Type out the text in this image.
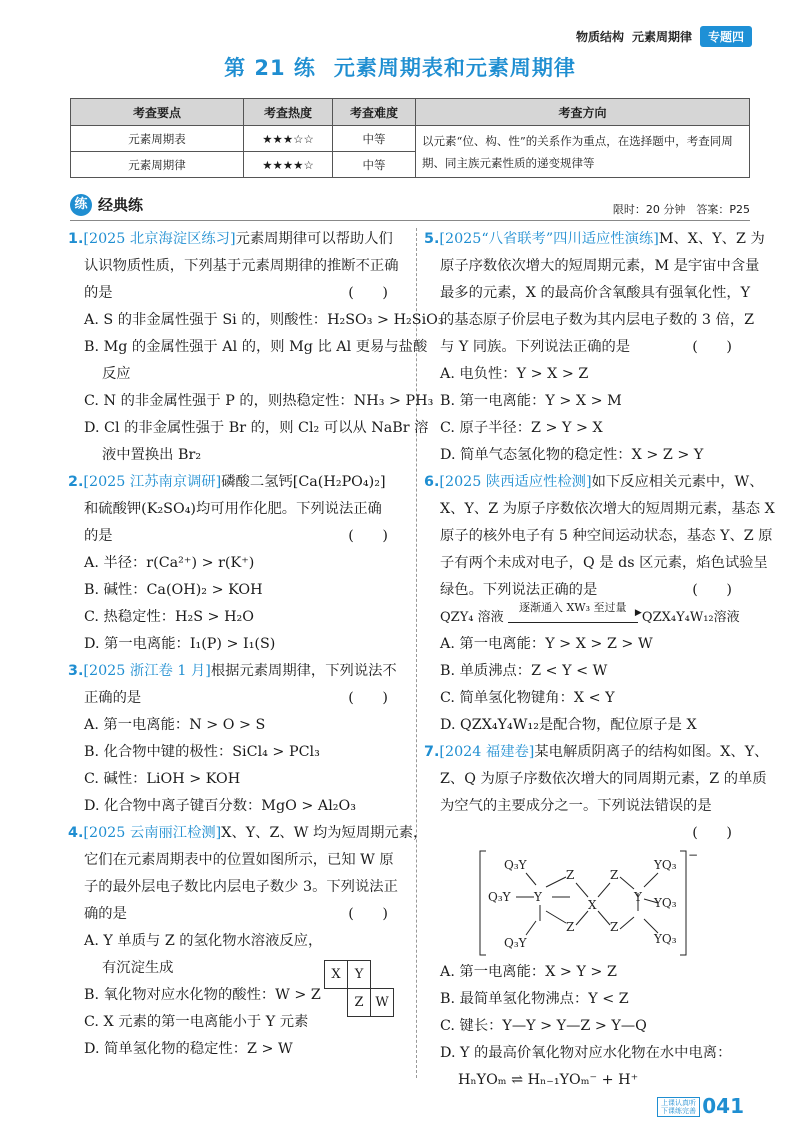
物质结构 元素周期律	专题四
第 21 练 元素周期表和元素周期律
考查要点	考查热度	考查难度	考查方向
元素周期表	★★★☆☆	中等	以元素“位、构、性”的关系作为重点，在选择题中，考查同周
期、同主族元素性质的递变规律等

元素周期律	★★★★☆	中等	
练 经典练	限时：20 分钟　答案：P25
1.[2025 北京海淀区练习]元素周期律可以帮助人们
认识物质性质，下列基于元素周期律的推断不正确
的是	(　　)
A. S 的非金属性强于 Si 的，则酸性：H₂SO₃ > H₂SiO₃
B. Mg 的金属性强于 Al 的，则 Mg 比 Al 更易与盐酸
反应
C. N 的非金属性强于 P 的，则热稳定性：NH₃ > PH₃
D. Cl 的非金属性强于 Br 的，则 Cl₂ 可以从 NaBr 溶
液中置换出 Br₂
2.[2025 江苏南京调研]磷酸二氢钙[Ca(H₂PO₄)₂]
和硫酸钾(K₂SO₄)均可用作化肥。下列说法正确
的是	(　　)
A. 半径：r(Ca²⁺) > r(K⁺)
B. 碱性：Ca(OH)₂ > KOH
C. 热稳定性：H₂S > H₂O
D. 第一电离能：I₁(P) > I₁(S)
3.[2025 浙江卷 1 月]根据元素周期律，下列说法不
正确的是	(　　)
A. 第一电离能：N > O > S
B. 化合物中键的极性：SiCl₄ > PCl₃
C. 碱性：LiOH > KOH
D. 化合物中离子键百分数：MgO > Al₂O₃
4.[2025 云南丽江检测]X、Y、Z、W 均为短周期元素，
它们在元素周期表中的位置如图所示，已知 W 原
子的最外层电子数比内层电子数少 3。下列说法正
确的是	(　　)
A. Y 单质与 Z 的氢化物水溶液反应，
有沉淀生成
B. 氧化物对应水化物的酸性：W > Z
C. X 元素的第一电离能小于 Y 元素
D. 简单氢化物的稳定性：Z > W
X	Y	
	Z	W
5.[2025“八省联考”四川适应性演练]M、X、Y、Z 为
原子序数依次增大的短周期元素，M 是宇宙中含量
最多的元素，X 的最高价含氧酸具有强氧化性，Y
的基态原子价层电子数为其内层电子数的 3 倍，Z
与 Y 同族。下列说法正确的是	(　　)
A. 电负性：Y > X > Z
B. 第一电离能：Y > X > M
C. 原子半径：Z > Y > X
D. 简单气态氢化物的稳定性：X > Z > Y
6.[2025 陕西适应性检测]如下反应相关元素中，W、
X、Y、Z 为原子序数依次增大的短周期元素，基态 X
原子的核外电子有 5 种空间运动状态，基态 Y、Z 原
子有两个未成对电子，Q 是 ds 区元素，焰色试验呈
绿色。下列说法正确的是	(　　)
QZY₄ 溶液
逐渐通入 XW₃ 至过量 ▶ QZX₄Y₄W₁₂溶液
A. 第一电离能：Y > X > Z > W
B. 单质沸点：Z < Y < W
C. 简单氢化物键角：X < Y
D. QZX₄Y₄W₁₂是配合物，配位原子是 X
7.[2024 福建卷]某电解质阴离子的结构如图。X、Y、
Z、Q 为原子序数依次增大的同周期元素，Z 的单质
为空气的主要成分之一。下列说法错误的是
(　　)
Q₃Y
Q₃Y Y
Z
Z
X
Z
Z
Y
YQ₃
YQ₃
YQ₃
Q₃Y
−
A. 第一电离能：X > Y > Z
B. 最简单氢化物沸点：Y < Z
C. 键长：Y—Y > Y—Z > Y—Q
D. Y 的最高价氧化物对应水化物在水中电离：
HₙYOₘ ⇌ Hₙ₋₁YOₘ⁻ + H⁺
上课认真听
下课练完善 041
